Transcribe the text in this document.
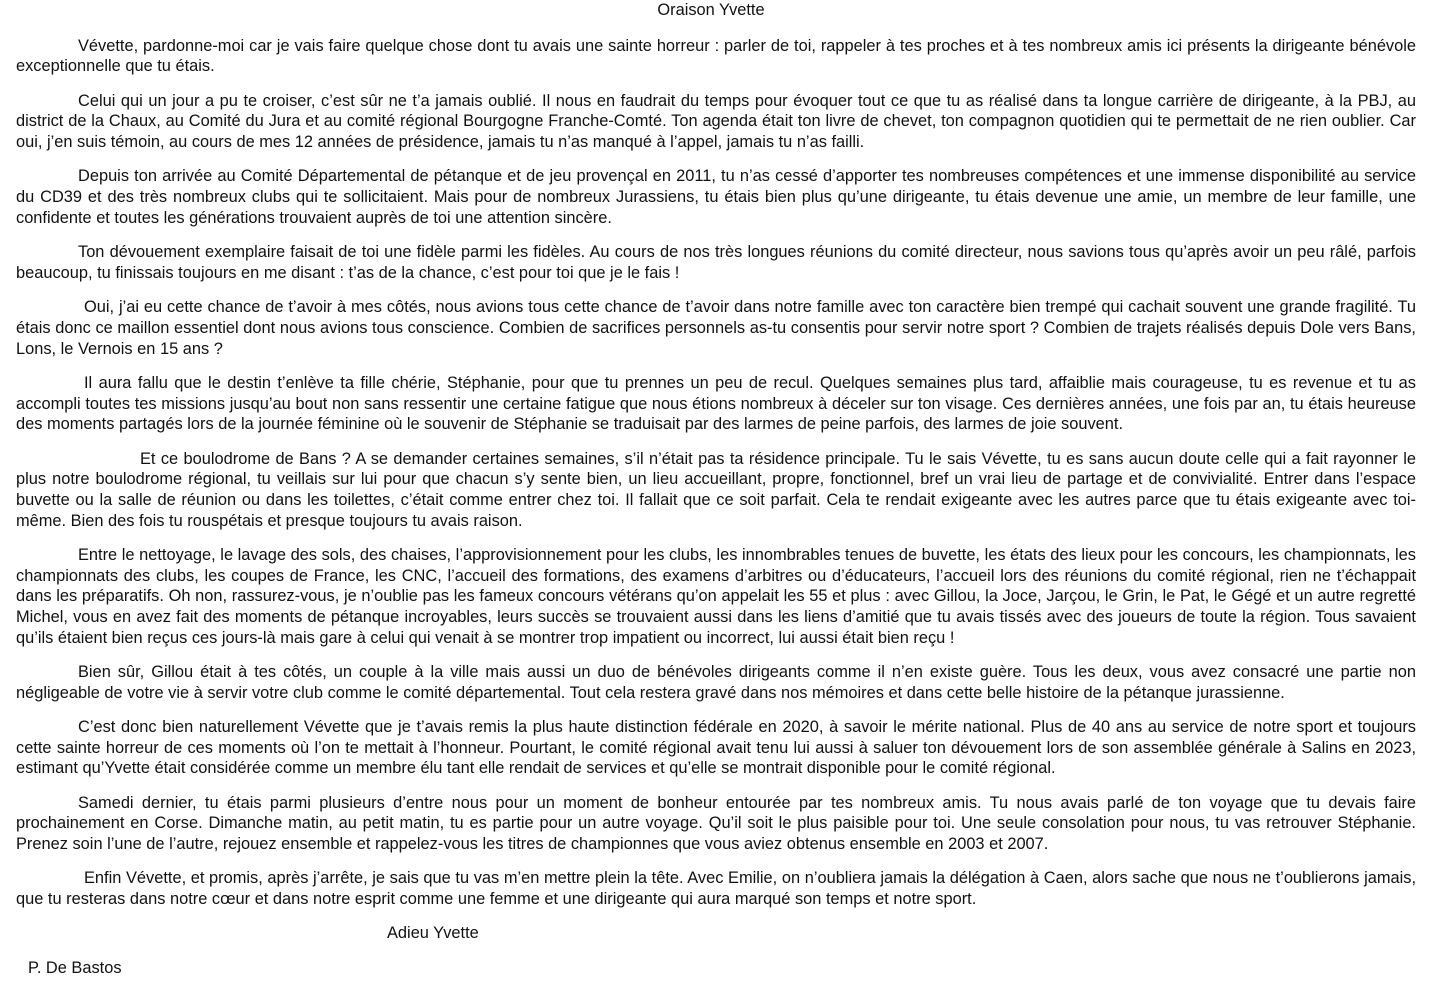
Oraison Yvette

Vévette, pardonne-moi car je vais faire quelque chose dont tu avais une sainte horreur : parler de toi, rappeler à tes proches et à tes nombreux amis ici présents la dirigeante bénévole exceptionnelle que tu étais.

Celui qui un jour a pu te croiser, c’est sûr ne t’a jamais oublié. Il nous en faudrait du temps pour évoquer tout ce que tu as réalisé dans ta longue carrière de dirigeante, à la PBJ, au district de la Chaux, au Comité du Jura et au comité régional Bourgogne Franche-Comté. Ton agenda était ton livre de chevet, ton compagnon quotidien qui te permettait de ne rien oublier. Car oui, j’en suis témoin, au cours de mes 12 années de présidence, jamais tu n’as manqué à l’appel, jamais tu n’as failli.

Depuis ton arrivée au Comité Départemental de pétanque et de jeu provençal en 2011, tu n’as cessé d’apporter tes nombreuses compétences et une immense disponibilité au service du CD39 et des très nombreux clubs qui te sollicitaient. Mais pour de nombreux Jurassiens, tu étais bien plus qu’une dirigeante, tu étais devenue une amie, un membre de leur famille, une confidente et toutes les générations trouvaient auprès de toi une attention sincère.

Ton dévouement exemplaire faisait de toi une fidèle parmi les fidèles. Au cours de nos très longues réunions du comité directeur, nous savions tous qu’après avoir un peu râlé, parfois beaucoup, tu finissais toujours en me disant : t’as de la chance, c’est pour toi que je le fais !

Oui, j’ai eu cette chance de t’avoir à mes côtés, nous avions tous cette chance de t’avoir dans notre famille avec ton caractère bien trempé qui cachait souvent une grande fragilité. Tu étais donc ce maillon essentiel dont nous avions tous conscience. Combien de sacrifices personnels as-tu consentis pour servir notre sport ? Combien de trajets réalisés depuis Dole vers Bans, Lons, le Vernois en 15 ans ?

Il aura fallu que le destin t’enlève ta fille chérie, Stéphanie, pour que tu prennes un peu de recul. Quelques semaines plus tard, affaiblie mais courageuse, tu es revenue et tu as accompli toutes tes missions jusqu’au bout non sans ressentir une certaine fatigue que nous étions nombreux à déceler sur ton visage. Ces dernières années, une fois par an, tu étais heureuse des moments partagés lors de la journée féminine où le souvenir de Stéphanie se traduisait par des larmes de peine parfois, des larmes de joie souvent.

Et ce boulodrome de Bans ? A se demander certaines semaines, s’il n’était pas ta résidence principale. Tu le sais Vévette, tu es sans aucun doute celle qui a fait rayonner le plus notre boulodrome régional, tu veillais sur lui pour que chacun s’y sente bien, un lieu accueillant, propre, fonctionnel, bref un vrai lieu de partage et de convivialité. Entrer dans l’espace buvette ou la salle de réunion ou dans les toilettes, c’était comme entrer chez toi. Il fallait que ce soit parfait. Cela te rendait exigeante avec les autres parce que tu étais exigeante avec toi-même. Bien des fois tu rouspétais et presque toujours tu avais raison.

Entre le nettoyage, le lavage des sols, des chaises, l’approvisionnement pour les clubs, les innombrables tenues de buvette, les états des lieux pour les concours, les championnats, les championnats des clubs, les coupes de France, les CNC, l’accueil des formations, des examens d’arbitres ou d’éducateurs, l’accueil lors des réunions du comité régional, rien ne t’échappait dans les préparatifs. Oh non, rassurez-vous, je n’oublie pas les fameux concours vétérans qu’on appelait les 55 et plus : avec Gillou, la Joce, Jarçou, le Grin, le Pat, le Gégé et un autre regretté Michel, vous en avez fait des moments de pétanque incroyables, leurs succès se trouvaient aussi dans les liens d’amitié que tu avais tissés avec des joueurs de toute la région. Tous savaient qu’ils étaient bien reçus ces jours-là mais gare à celui qui venait à se montrer trop impatient ou incorrect, lui aussi était bien reçu !

Bien sûr, Gillou était à tes côtés, un couple à la ville mais aussi un duo de bénévoles dirigeants comme il n’en existe guère. Tous les deux, vous avez consacré une partie non négligeable de votre vie à servir votre club comme le comité départemental. Tout cela restera gravé dans nos mémoires et dans cette belle histoire de la pétanque jurassienne.

C’est donc bien naturellement Vévette que je t’avais remis la plus haute distinction fédérale en 2020, à savoir le mérite national. Plus de 40 ans au service de notre sport et toujours cette sainte horreur de ces moments où l’on te mettait à l’honneur. Pourtant, le comité régional avait tenu lui aussi à saluer ton dévouement lors de son assemblée générale à Salins en 2023, estimant qu’Yvette était considérée comme un membre élu tant elle rendait de services et qu’elle se montrait disponible pour le comité régional.

Samedi dernier, tu étais parmi plusieurs d’entre nous pour un moment de bonheur entourée par tes nombreux amis. Tu nous avais parlé de ton voyage que tu devais faire prochainement en Corse. Dimanche matin, au petit matin, tu es partie pour un autre voyage. Qu’il soit le plus paisible pour toi. Une seule consolation pour nous, tu vas retrouver Stéphanie. Prenez soin l’une de l’autre, rejouez ensemble et rappelez-vous les titres de championnes que vous aviez obtenus ensemble en 2003 et 2007.

Enfin Vévette, et promis, après j’arrête, je sais que tu vas m’en mettre plein la tête. Avec Emilie, on n’oubliera jamais la délégation à Caen, alors sache que nous ne t’oublierons jamais, que tu resteras dans notre cœur et dans notre esprit comme une femme et une dirigeante qui aura marqué son temps et notre sport.

Adieu Yvette

P. De Bastos
